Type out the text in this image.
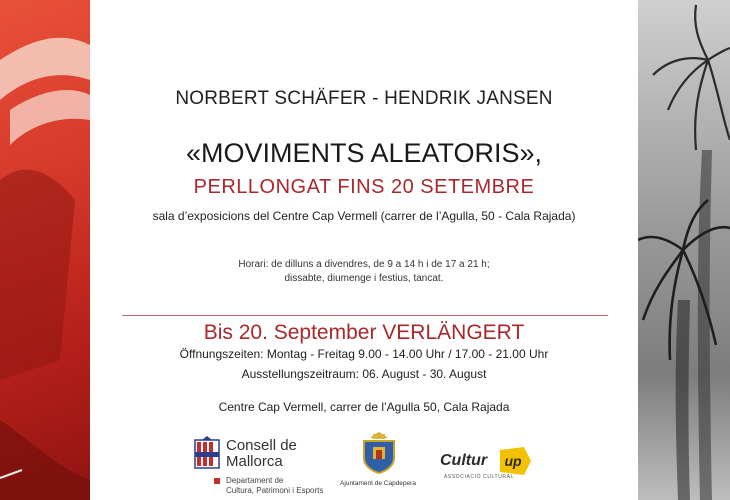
NORBERT SCHÄFER - HENDRIK JANSEN
«MOVIMENTS ALEATORIS»,
PERLLONGAT FINS 20 SETEMBRE
sala d’exposicions del Centre Cap Vermell (carrer de l’Agulla, 50 - Cala Rajada)
Horari: de dilluns a divendres, de 9 a 14 h i de 17 a 21 h;
dissabte, diumenge i festius, tancat.
Bis 20. September VERLÄNGERT
Öffnungszeiten: Montag - Freitag 9.00 - 14.00 Uhr / 17.00 - 21.00 Uhr
Ausstellungszeitraum: 06. August - 30. August
Centre Cap Vermell, carrer de l’Agulla 50, Cala Rajada
Consell de
Mallorca
Departament de
Cultura, Patrimoni i Esports
Ajuntament de Capdepera
Cultur up
ASSOCIACIÓ CULTURAL
